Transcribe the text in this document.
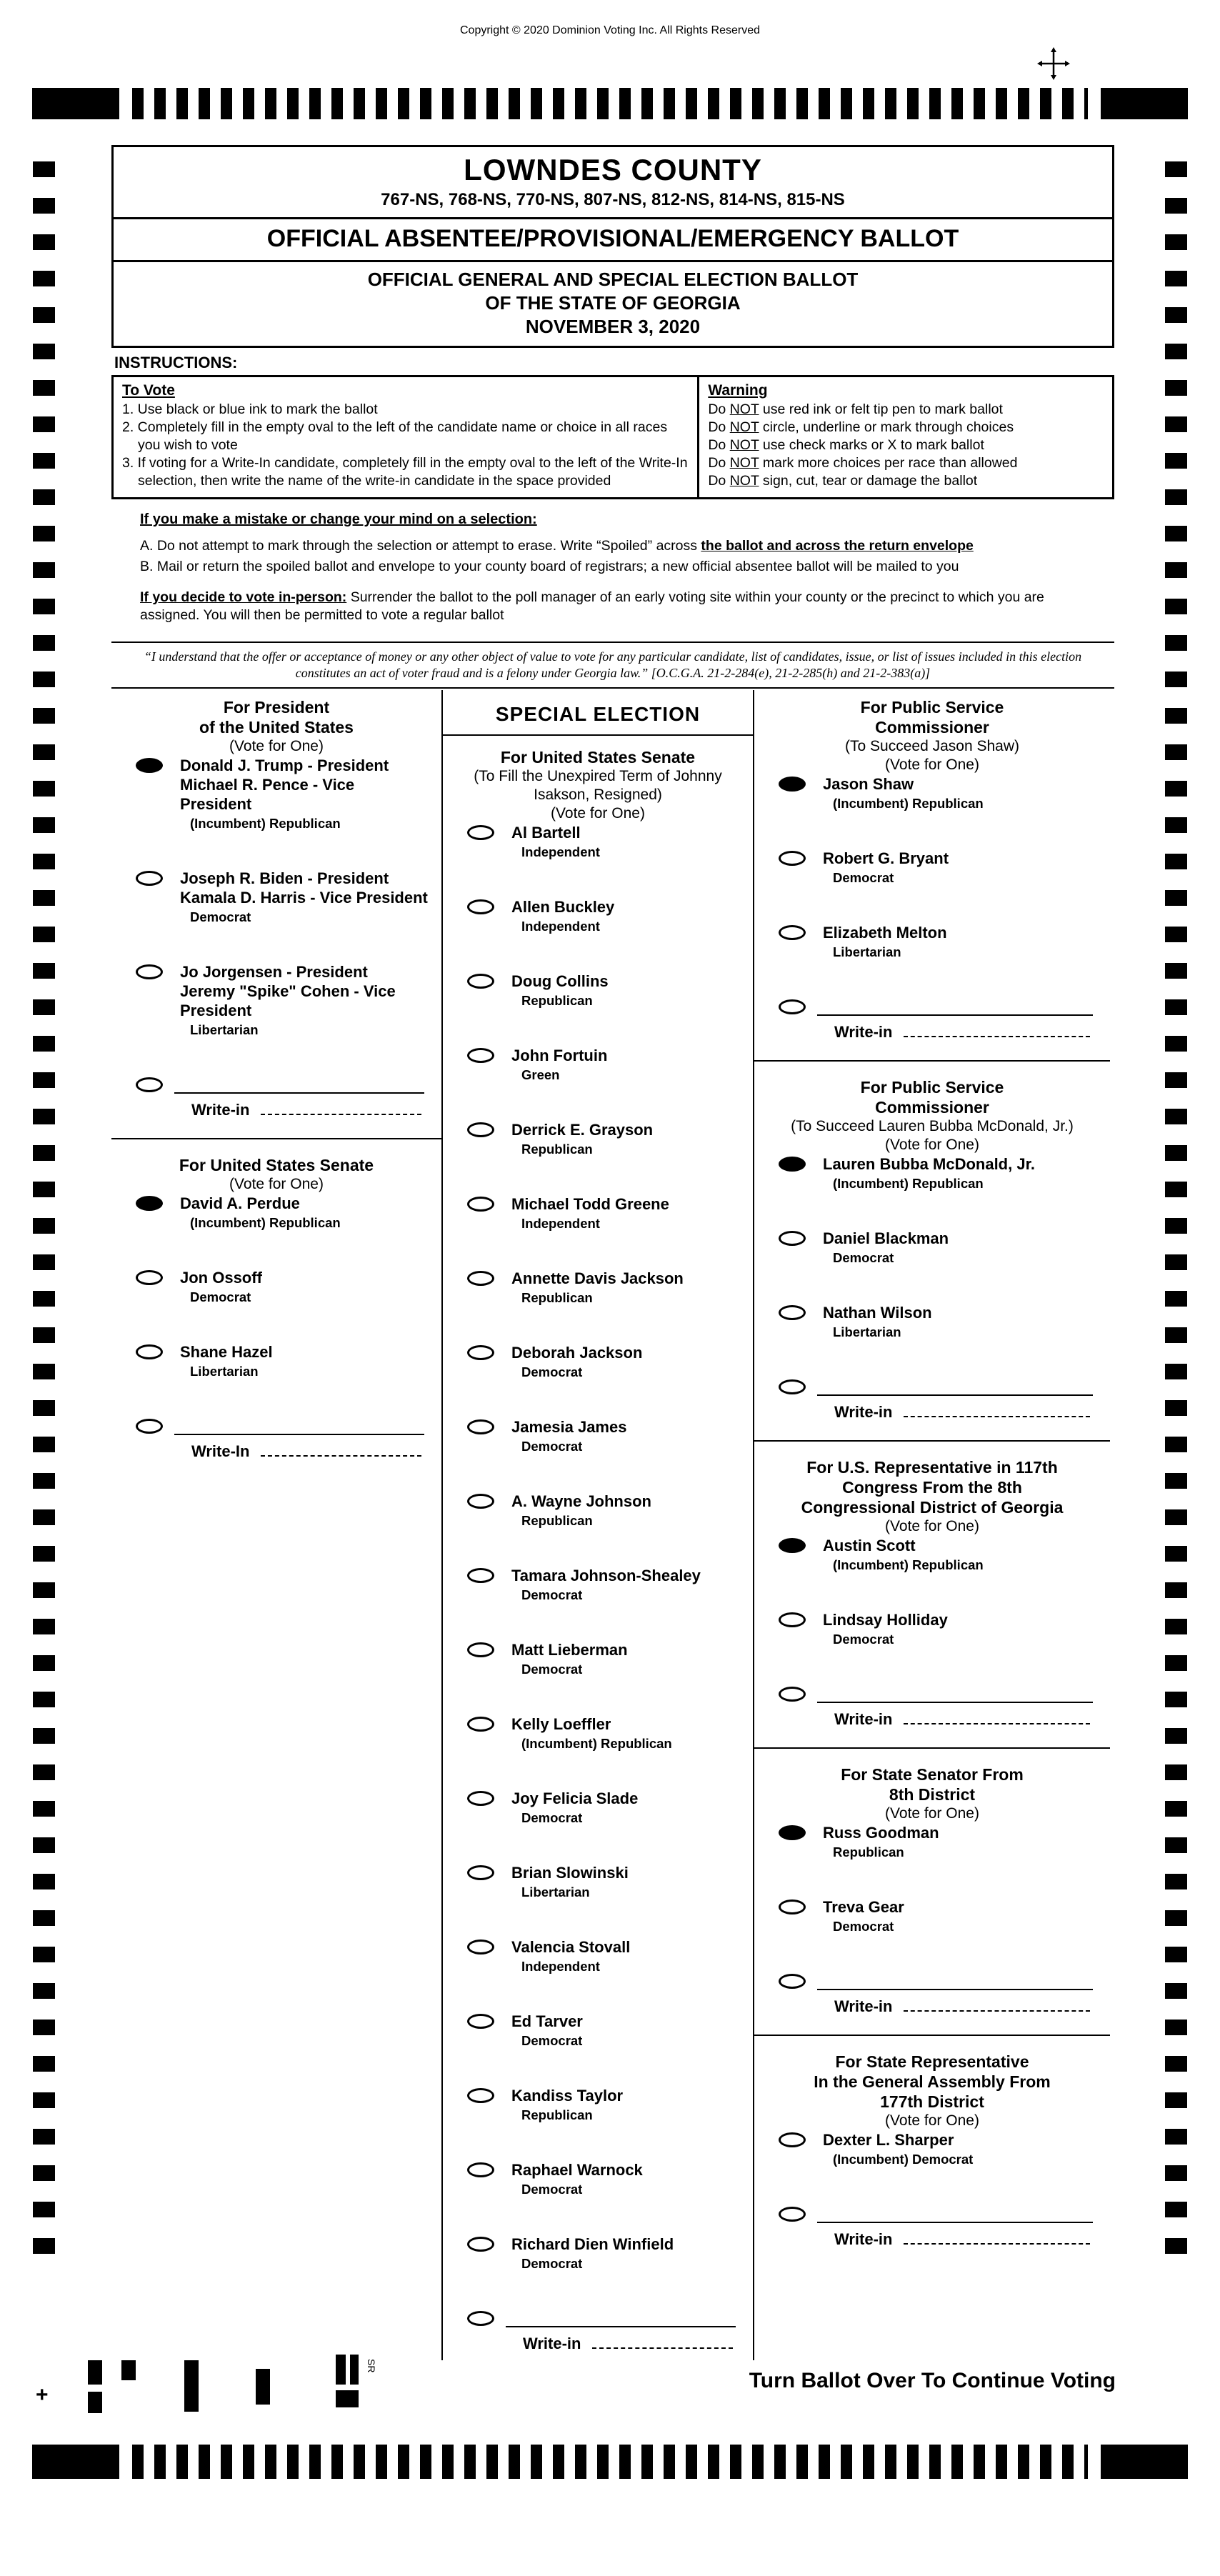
Copyright © 2020 Dominion Voting Inc. All Rights Reserved
LOWNDES COUNTY
767-NS, 768-NS, 770-NS, 807-NS, 812-NS, 814-NS, 815-NS
OFFICIAL ABSENTEE/PROVISIONAL/EMERGENCY BALLOT
OFFICIAL GENERAL AND SPECIAL ELECTION BALLOT
OF THE STATE OF GEORGIA
NOVEMBER 3, 2020
INSTRUCTIONS:
To Vote
1. Use black or blue ink to mark the ballot
2. Completely fill in the empty oval to the left of the candidate name or choice in all races you wish to vote
3. If voting for a Write-In candidate, completely fill in the empty oval to the left of the Write-In selection, then write the name of the write-in candidate in the space provided
Warning
Do NOT use red ink or felt tip pen to mark ballot
Do NOT circle, underline or mark through choices
Do NOT use check marks or X to mark ballot
Do NOT mark more choices per race than allowed
Do NOT sign, cut, tear or damage the ballot
If you make a mistake or change your mind on a selection:

A. Do not attempt to mark through the selection or attempt to erase. Write “Spoiled” across the ballot and across the return envelope

B. Mail or return the spoiled ballot and envelope to your county board of registrars; a new official absentee ballot will be mailed to you

If you decide to vote in-person: Surrender the ballot to the poll manager of an early voting site within your county or the precinct to which you are assigned. You will then be permitted to vote a regular ballot

“I understand that the offer or acceptance of money or any other object of value to vote for any particular candidate, list of candidates, issue, or list of issues included in this election constitutes an act of voter fraud and is a felony under Georgia law.” [O.C.G.A. 21-2-284(e), 21-2-285(h) and 21-2-383(a)]
For President
of the United States
(Vote for One)
Donald J. Trump - President
Michael R. Pence - Vice President
(Incumbent) Republican
Joseph R. Biden - President
Kamala D. Harris - Vice President
Democrat
Jo Jorgensen - President
Jeremy "Spike" Cohen - Vice President
Libertarian
Write-in
For United States Senate
(Vote for One)
David A. Perdue
(Incumbent) Republican
Jon Ossoff
Democrat
Shane Hazel
Libertarian
Write-In
SPECIAL ELECTION
For United States Senate
(To Fill the Unexpired Term of Johnny
Isakson, Resigned)
(Vote for One)
Al Bartell
Independent
Allen Buckley
Independent
Doug Collins
Republican
John Fortuin
Green
Derrick E. Grayson
Republican
Michael Todd Greene
Independent
Annette Davis Jackson
Republican
Deborah Jackson
Democrat
Jamesia James
Democrat
A. Wayne Johnson
Republican
Tamara Johnson-Shealey
Democrat
Matt Lieberman
Democrat
Kelly Loeffler
(Incumbent) Republican
Joy Felicia Slade
Democrat
Brian Slowinski
Libertarian
Valencia Stovall
Independent
Ed Tarver
Democrat
Kandiss Taylor
Republican
Raphael Warnock
Democrat
Richard Dien Winfield
Democrat
Write-in
For Public Service
Commissioner
(To Succeed Jason Shaw)
(Vote for One)
Jason Shaw
(Incumbent) Republican
Robert G. Bryant
Democrat
Elizabeth Melton
Libertarian
Write-in
For Public Service
Commissioner
(To Succeed Lauren Bubba McDonald, Jr.)
(Vote for One)
Lauren Bubba McDonald, Jr.
(Incumbent) Republican
Daniel Blackman
Democrat
Nathan Wilson
Libertarian
Write-in
For U.S. Representative in 117th
Congress From the 8th
Congressional District of Georgia
(Vote for One)
Austin Scott
(Incumbent) Republican
Lindsay Holliday
Democrat
Write-in
For State Senator From
8th District
(Vote for One)
Russ Goodman
Republican
Treva Gear
Democrat
Write-in
For State Representative
In the General Assembly From
177th District
(Vote for One)
Dexter L. Sharper
(Incumbent) Democrat
Write-in
Turn Ballot Over To Continue Voting
+
SR
